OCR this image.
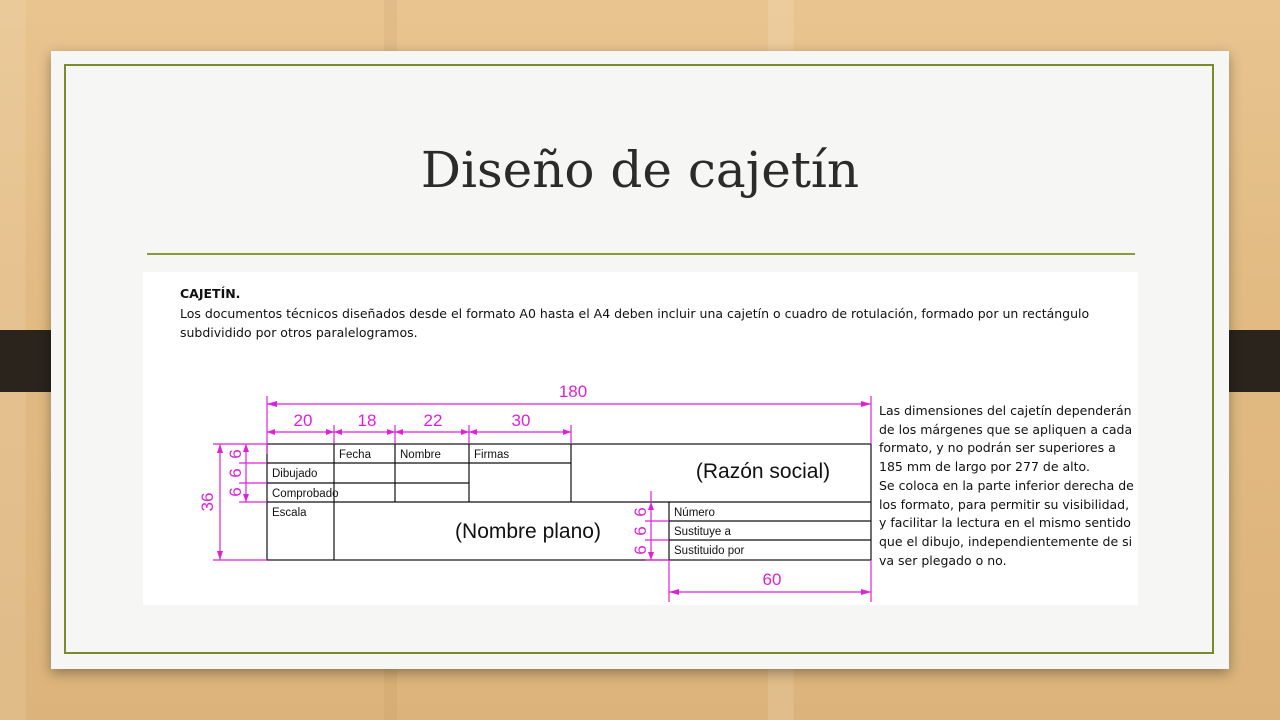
Diseño de cajetín
CAJETÍN.
Los documentos técnicos diseñados desde el formato A0 hasta el A4 deben incluir una cajetín o cuadro de rotulación, formado por un rectángulo subdividido por otros paralelogramos.
180
20	18	22	30
36
6
6
6
6
6
6
60
Fecha	Nombre	Firmas
Dibujado
Comprobado
Escala
(Razón social)
(Nombre plano)
Número
Sustituye a
Sustituido por

Las dimensiones del cajetín dependerán de los márgenes que se apliquen a cada formato, y no podrán ser superiores a 185 mm de largo por 277 de alto.

Se coloca en la parte inferior derecha de los formato, para permitir su visibilidad, y facilitar la lectura en el mismo sentido que el dibujo, independientemente de si va ser plegado o no.
